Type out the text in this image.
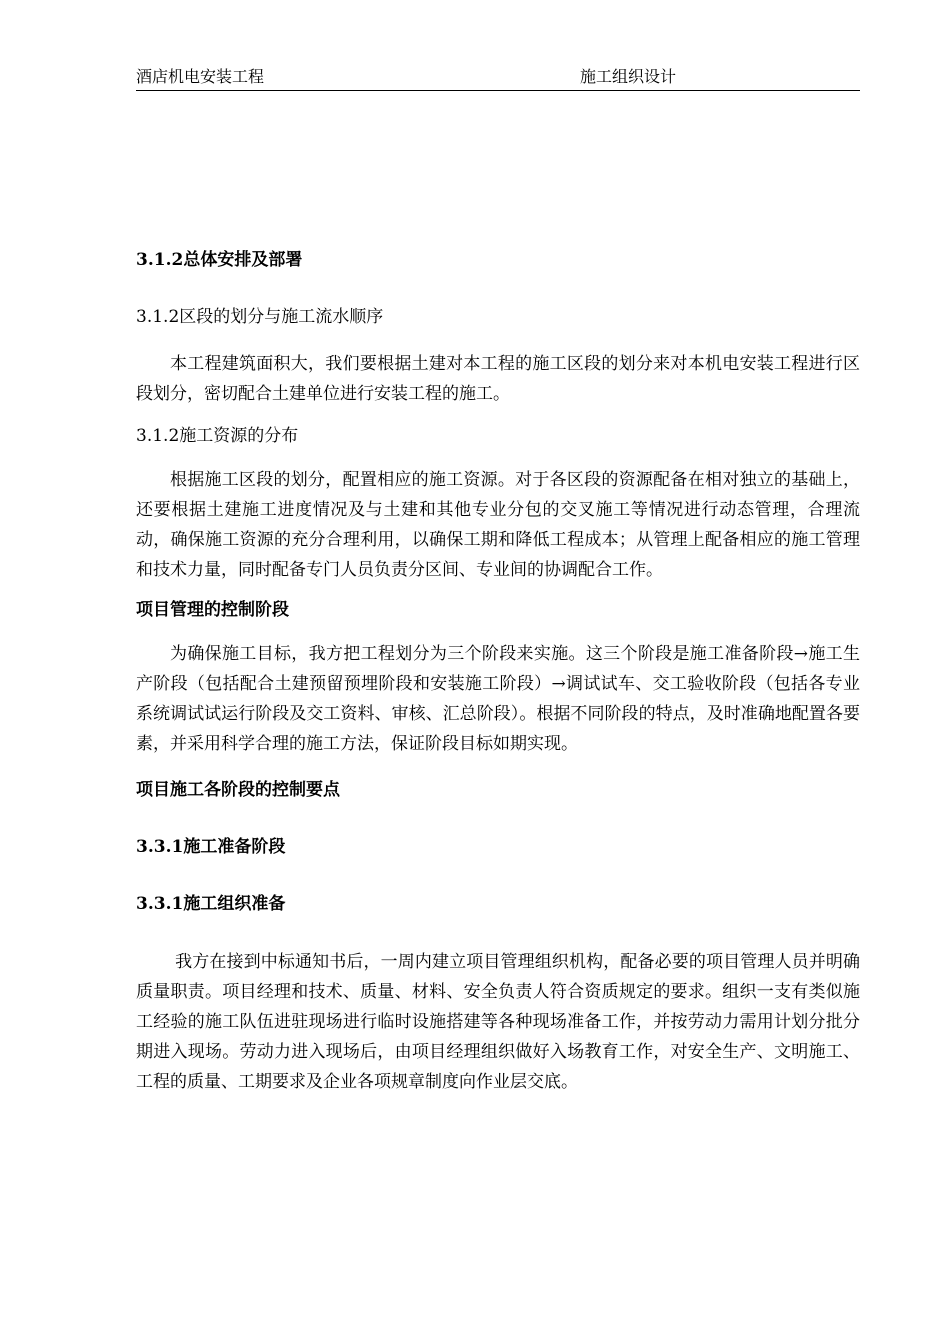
酒店机电安装工程	施工组织设计

3.1.2总体安排及部署

3.1.2区段的划分与施工流水顺序

本工程建筑面积大，我们要根据土建对本工程的施工区段的划分来对本机电安装工程进行区段划分，密切配合土建单位进行安装工程的施工。

3.1.2施工资源的分布

根据施工区段的划分，配置相应的施工资源。对于各区段的资源配备在相对独立的基础上，还要根据土建施工进度情况及与土建和其他专业分包的交叉施工等情况进行动态管理，合理流动，确保施工资源的充分合理利用，以确保工期和降低工程成本；从管理上配备相应的施工管理和技术力量，同时配备专门人员负责分区间、专业间的协调配合工作。

项目管理的控制阶段

为确保施工目标，我方把工程划分为三个阶段来实施。这三个阶段是施工准备阶段→施工生产阶段（包括配合土建预留预埋阶段和安装施工阶段）→调试试车、交工验收阶段（包括各专业系统调试试运行阶段及交工资料、审核、汇总阶段）。根据不同阶段的特点，及时准确地配置各要素，并采用科学合理的施工方法，保证阶段目标如期实现。

项目施工各阶段的控制要点

3.3.1施工准备阶段

3.3.1施工组织准备

我方在接到中标通知书后，一周内建立项目管理组织机构，配备必要的项目管理人员并明确质量职责。项目经理和技术、质量、材料、安全负责人符合资质规定的要求。组织一支有类似施工经验的施工队伍进驻现场进行临时设施搭建等各种现场准备工作，并按劳动力需用计划分批分期进入现场。劳动力进入现场后，由项目经理组织做好入场教育工作，对安全生产、文明施工、工程的质量、工期要求及企业各项规章制度向作业层交底。
